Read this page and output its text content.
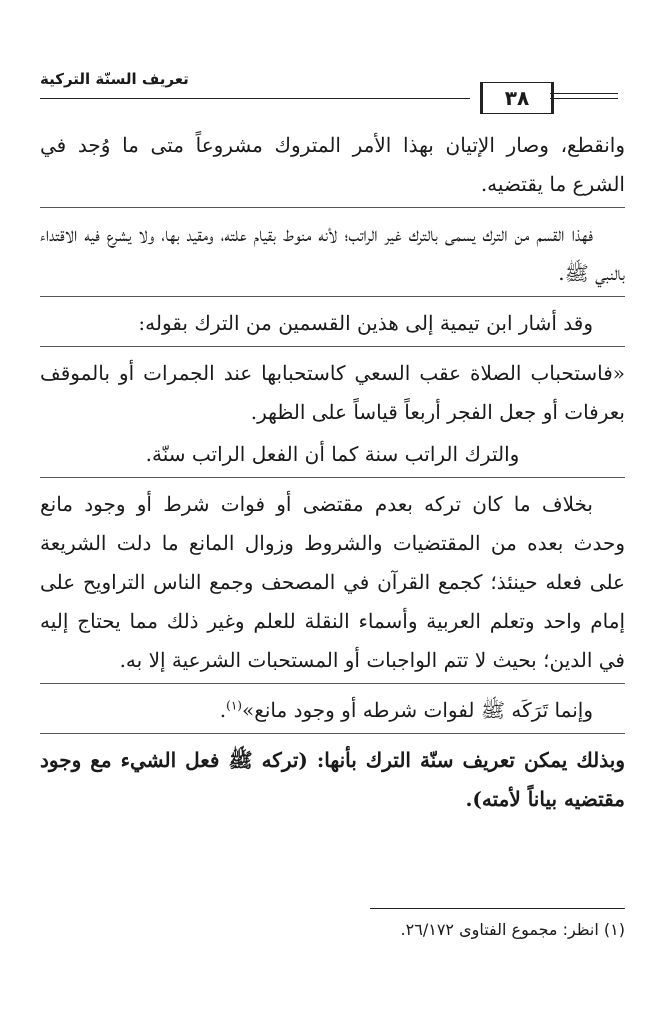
تعريف السنّة التركية
٣٨

وانقطع، وصار الإتيان بهذا الأمر المتروك مشروعاً متى ما وُجد في الشرع ما يقتضيه.

فهذا القسم من الترك يسمى بالترك غير الراتب؛ لأنه منوط بقيام علته، ومقيد بها، ولا يشرع فيه الاقتداء بالنبي ﷺ.

وقد أشار ابن تيمية إلى هذين القسمين من الترك بقوله:

«فاستحباب الصلاة عقب السعي كاستحبابها عند الجمرات أو بالموقف بعرفات أو جعل الفجر أربعاً قياساً على الظهر.

والترك الراتب سنة كما أن الفعل الراتب سنّة.

بخلاف ما كان تركه بعدم مقتضى أو فوات شرط أو وجود مانع وحدث بعده من المقتضيات والشروط وزوال المانع ما دلت الشريعة على فعله حينئذ؛ كجمع القرآن في المصحف وجمع الناس التراويح على إمام واحد وتعلم العربية وأسماء النقلة للعلم وغير ذلك مما يحتاج إليه في الدين؛ بحيث لا تتم الواجبات أو المستحبات الشرعية إلا به.

وإنما تَرَكَه ﷺ لفوات شرطه أو وجود مانع»$^{(١)}$.

وبذلك يمكن تعريف سنّة الترك بأنها: (تركه ﷺ فعل الشيء مع وجود مقتضيه بياناً لأمته).

(١) انظر: مجموع الفتاوى ٢٦/١٧٢.
